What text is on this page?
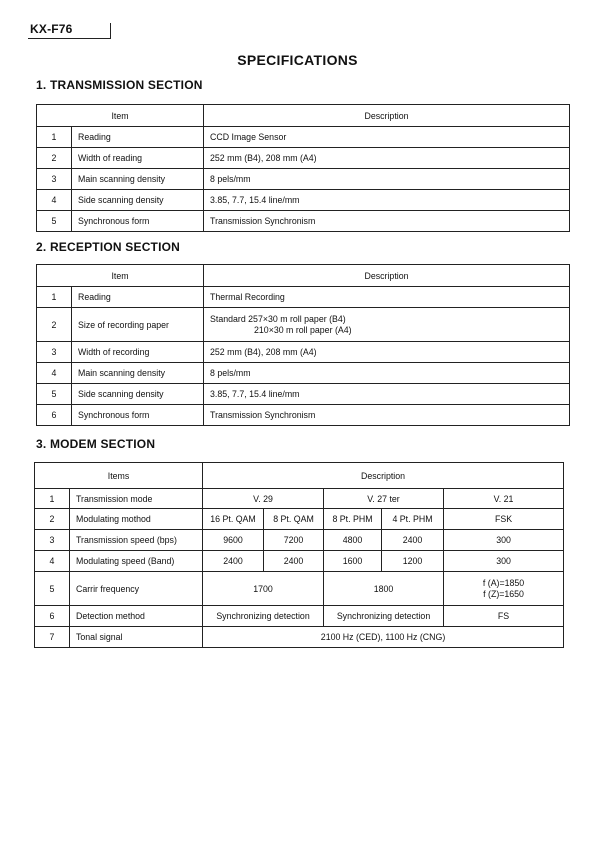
KX-F76
SPECIFICATIONS
1. TRANSMISSION SECTION
Item		Description
1	Reading	CCD Image Sensor
2	Width of reading	252 mm (B4), 208 mm (A4)
3	Main scanning density	8 pels/mm
4	Side scanning density	3.85, 7.7, 15.4 line/mm
5	Synchronous form	Transmission Synchronism
2. RECEPTION SECTION
Item		Description
1	Reading	Thermal Recording
2	Size of recording paper	Standard 257×30 m roll paper (B4)
210×30 m roll paper (A4)

3	Width of recording	252 mm (B4), 208 mm (A4)
4	Main scanning density	8 pels/mm
5	Side scanning density	3.85, 7.7, 15.4 line/mm
6	Synchronous form	Transmission Synchronism
3. MODEM SECTION
Items		Description				
1	Transmission mode	V. 29		V. 27 ter		V. 21
2	Modulating mothod	16 Pt. QAM	8 Pt. QAM	8 Pt. PHM	4 Pt. PHM	FSK
3	Transmission speed (bps)	9600	7200	4800	2400	300
4	Modulating speed (Band)	2400	2400	1600	1200	300
5	Carrir frequency	1700		1800		f (A)=1850
f (Z)=1650

6	Detection method	Synchronizing detection		Synchronizing detection		FS
7	Tonal signal	2100 Hz (CED), 1100 Hz (CNG)				
